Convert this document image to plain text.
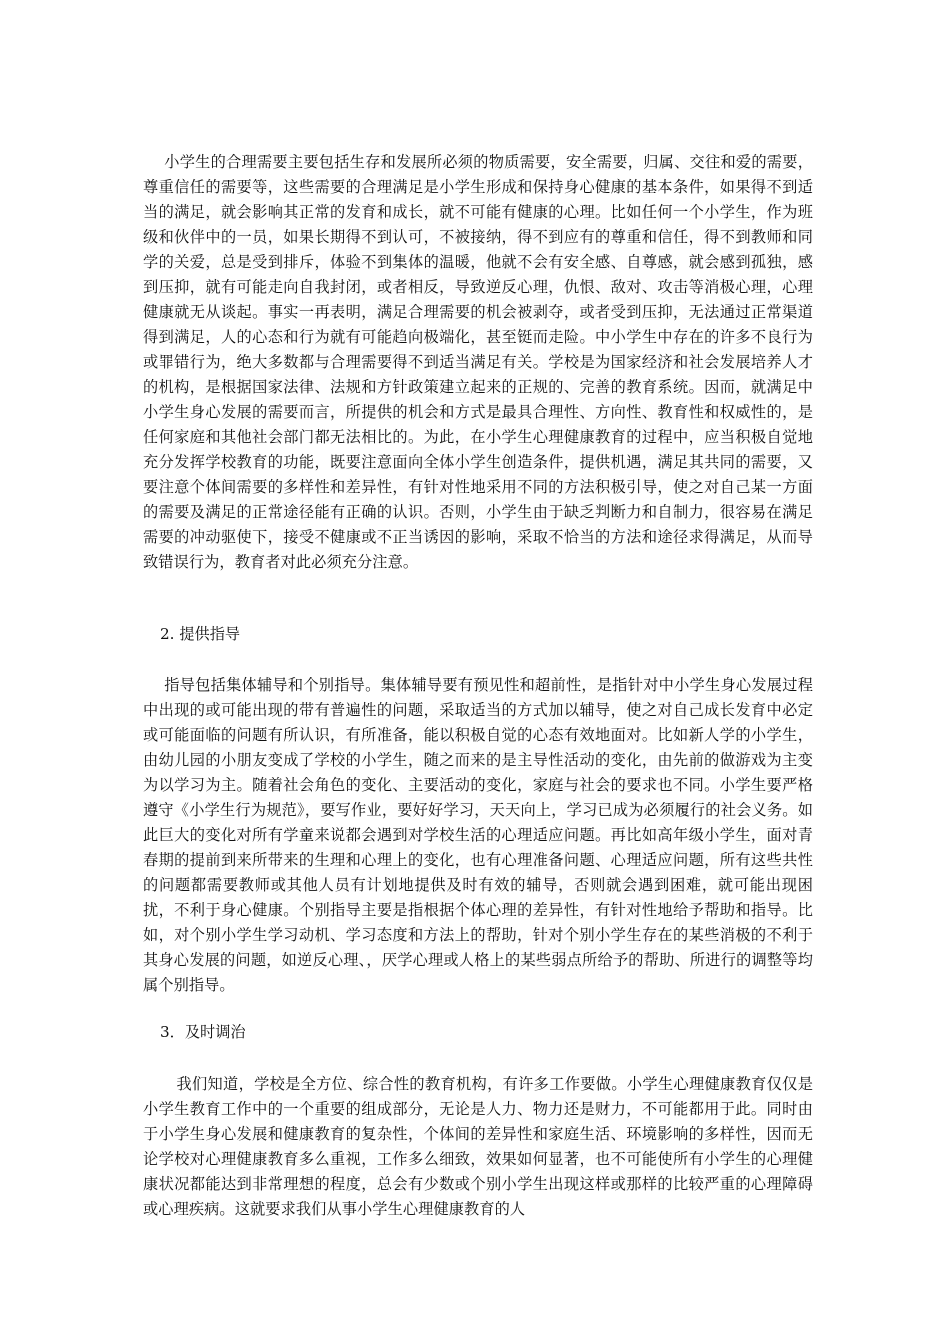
小学生的合理需要主要包括生存和发展所必须的物质需要，安全需要，归属、交往和爱的需要，尊重信任的需要等，这些需要的合理满足是小学生形成和保持身心健康的基本条件，如果得不到适当的满足，就会影响其正常的发育和成长，就不可能有健康的心理。比如任何一个小学生，作为班级和伙伴中的一员，如果长期得不到认可，不被接纳，得不到应有的尊重和信任，得不到教师和同学的关爱，总是受到排斥，体验不到集体的温暖，他就不会有安全感、自尊感，就会感到孤独，感到压抑，就有可能走向自我封闭，或者相反，导致逆反心理，仇恨、敌对、攻击等消极心理，心理健康就无从谈起。事实一再表明，满足合理需要的机会被剥夺，或者受到压抑，无法通过正常渠道得到满足，人的心态和行为就有可能趋向极端化，甚至铤而走险。中小学生中存在的许多不良行为或罪错行为，绝大多数都与合理需要得不到适当满足有关。学校是为国家经济和社会发展培养人才的机构，是根据国家法律、法规和方针政策建立起来的正规的、完善的教育系统。因而，就满足中小学生身心发展的需要而言，所提供的机会和方式是最具合理性、方向性、教育性和权威性的，是任何家庭和其他社会部门都无法相比的。为此，在小学生心理健康教育的过程中，应当积极自觉地充分发挥学校教育的功能，既要注意面向全体小学生创造条件，提供机遇，满足其共同的需要，又要注意个体间需要的多样性和差异性，有针对性地采用不同的方法积极引导，使之对自己某一方面的需要及满足的正常途径能有正确的认识。否则，小学生由于缺乏判断力和自制力，很容易在满足需要的冲动驱使下，接受不健康或不正当诱因的影响，采取不恰当的方法和途径求得满足，从而导致错误行为，教育者对此必须充分注意。

2. 提供指导

指导包括集体辅导和个别指导。集体辅导要有预见性和超前性，是指针对中小学生身心发展过程中出现的或可能出现的带有普遍性的问题，采取适当的方式加以辅导，使之对自己成长发育中必定或可能面临的问题有所认识，有所准备，能以积极自觉的心态有效地面对。比如新人学的小学生，由幼儿园的小朋友变成了学校的小学生，随之而来的是主导性活动的变化，由先前的做游戏为主变为以学习为主。随着社会角色的变化、主要活动的变化，家庭与社会的要求也不同。小学生要严格遵守《小学生行为规范》，要写作业，要好好学习，天天向上，学习已成为必须履行的社会义务。如此巨大的变化对所有学童来说都会遇到对学校生活的心理适应问题。再比如高年级小学生，面对青春期的提前到来所带来的生理和心理上的变化，也有心理准备问题、心理适应问题，所有这些共性的问题都需要教师或其他人员有计划地提供及时有效的辅导，否则就会遇到困难，就可能出现困扰，不利于身心健康。个别指导主要是指根据个体心理的差异性，有针对性地给予帮助和指导。比如，对个别小学生学习动机、学习态度和方法上的帮助，针对个别小学生存在的某些消极的不利于其身心发展的问题，如逆反心理、，厌学心理或人格上的某些弱点所给予的帮助、所进行的调整等均属个别指导。

3．及时调治

我们知道，学校是全方位、综合性的教育机构，有许多工作要做。小学生心理健康教育仅仅是小学生教育工作中的一个重要的组成部分，无论是人力、物力还是财力，不可能都用于此。同时由于小学生身心发展和健康教育的复杂性，个体间的差异性和家庭生活、环境影响的多样性，因而无论学校对心理健康教育多么重视，工作多么细致，效果如何显著，也不可能使所有小学生的心理健康状况都能达到非常理想的程度，总会有少数或个别小学生出现这样或那样的比较严重的心理障碍或心理疾病。这就要求我们从事小学生心理健康教育的人
